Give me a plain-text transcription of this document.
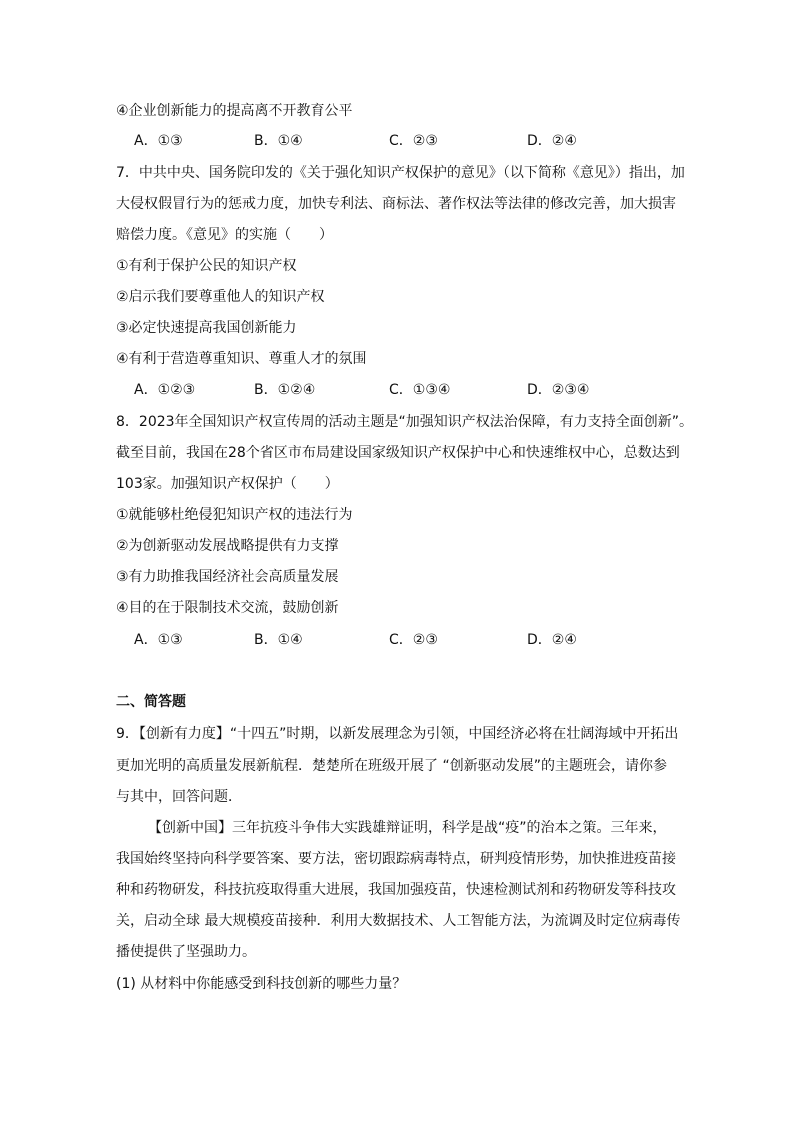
④企业创新能力的提高离不开教育公平
A．①③	B．①④	C．②③	D．②④
7．中共中央、国务院印发的《关于强化知识产权保护的意见》（以下简称《意见》）指出，加
大侵权假冒行为的惩戒力度，加快专利法、商标法、著作权法等法律的修改完善，加大损害
赔偿力度。《意见》的实施（　　）
①有利于保护公民的知识产权
②启示我们要尊重他人的知识产权
③必定快速提高我国创新能力
④有利于营造尊重知识、尊重人才的氛围
A．①②③	B．①②④	C．①③④	D．②③④
8．2023年全国知识产权宣传周的活动主题是“加强知识产权法治保障，有力支持全面创新”。
截至目前，我国在28个省区市布局建设国家级知识产权保护中心和快速维权中心，总数达到
103家。加强知识产权保护（　　）
①就能够杜绝侵犯知识产权的违法行为
②为创新驱动发展战略提供有力支撑
③有力助推我国经济社会高质量发展
④目的在于限制技术交流，鼓励创新
A．①③	B．①④	C．②③	D．②④
二、简答题
9．【创新有力度】“十四五”时期，以新发展理念为引领，中国经济必将在壮阔海域中开拓出
更加光明的高质量发展新航程．楚楚所在班级开展了 “创新驱动发展”的主题班会，请你参
与其中，回答问题．
【创新中国】三年抗疫斗争伟大实践雄辩证明，科学是战“疫”的治本之策。三年来，
我国始终坚持向科学要答案、要方法，密切跟踪病毒特点，研判疫情形势，加快推进疫苗接
种和药物研发，科技抗疫取得重大进展，我国加强疫苗，快速检测试剂和药物研发等科技攻
关，启动全球 最大规模疫苗接种．利用大数据技术、人工智能方法，为流调及时定位病毒传
播使提供了坚强助力。
(1) 从材料中你能感受到科技创新的哪些力量？
